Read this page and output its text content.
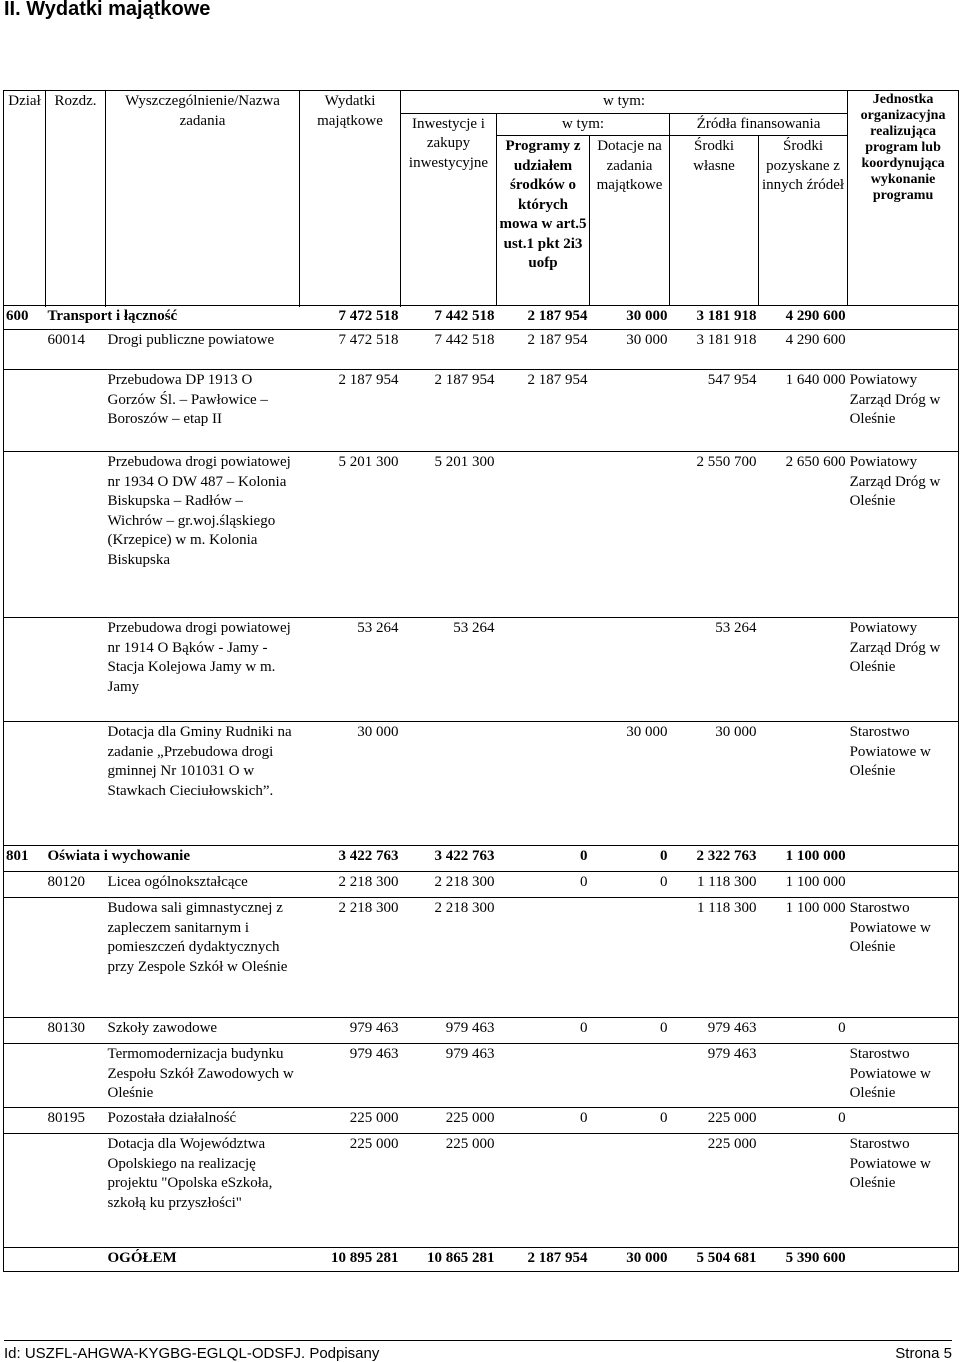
II. Wydatki majątkowe
Dział	Rozdz.	Wyszczególnienie/Nazwa zadania	Wydatki majątkowe	w tym:					Jednostka organizacyjna realizująca program lub koordynująca wykonanie programu
				Inwestycje i zakupy inwestycyjne	w tym:		Źródła finansowania		
					Programy z udziałem środków o których mowa w art.5 ust.1 pkt 2i3 uofp	Dotacje na zadania majątkowe	Środki własne	Środki pozyskane z innych źródeł	

600	Transport i łączność		7 472 518	7 442 518	2 187 954	30 000	3 181 918	4 290 600	
	60014	Drogi publiczne powiatowe	7 472 518	7 442 518	2 187 954	30 000	3 181 918	4 290 600	
		Przebudowa DP 1913 O Gorzów Śl. – Pawłowice – Boroszów – etap II	2 187 954	2 187 954	2 187 954		547 954	1 640 000	Powiatowy Zarząd Dróg w Oleśnie
		Przebudowa drogi powiatowej nr 1934 O DW 487 – Kolonia Biskupska – Radłów – Wichrów – gr.woj.śląskiego (Krzepice) w m. Kolonia Biskupska	5 201 300	5 201 300			2 550 700	2 650 600	Powiatowy Zarząd Dróg w Oleśnie
		Przebudowa drogi powiatowej nr 1914 O Bąków - Jamy - Stacja Kolejowa Jamy w m. Jamy	53 264	53 264			53 264		Powiatowy Zarząd Dróg w Oleśnie
		Dotacja dla Gminy Rudniki na zadanie „Przebudowa drogi gminnej Nr 101031 O w Stawkach Cieciułowskich”.	30 000			30 000	30 000		Starostwo Powiatowe w Oleśnie
801	Oświata i wychowanie		3 422 763	3 422 763	0	0	2 322 763	1 100 000	
	80120	Licea ogólnokształcące	2 218 300	2 218 300	0	0	1 118 300	1 100 000	
		Budowa sali gimnastycznej z zapleczem sanitarnym i pomieszczeń dydaktycznych przy Zespole Szkół w Oleśnie	2 218 300	2 218 300			1 118 300	1 100 000	Starostwo Powiatowe w Oleśnie
	80130	Szkoły zawodowe	979 463	979 463	0	0	979 463	0	
		Termomodernizacja budynku Zespołu Szkół Zawodowych w Oleśnie	979 463	979 463			979 463		Starostwo Powiatowe w Oleśnie
	80195	Pozostała działalność	225 000	225 000	0	0	225 000	0	
		Dotacja dla Województwa Opolskiego na realizację projektu "Opolska eSzkoła, szkołą ku przyszłości"	225 000	225 000			225 000		Starostwo Powiatowe w Oleśnie
		OGÓŁEM	10 895 281	10 865 281	2 187 954	30 000	5 504 681	5 390 600	
Id: USZFL-AHGWA-KYGBG-EGLQL-ODSFJ. Podpisany	Strona 5
